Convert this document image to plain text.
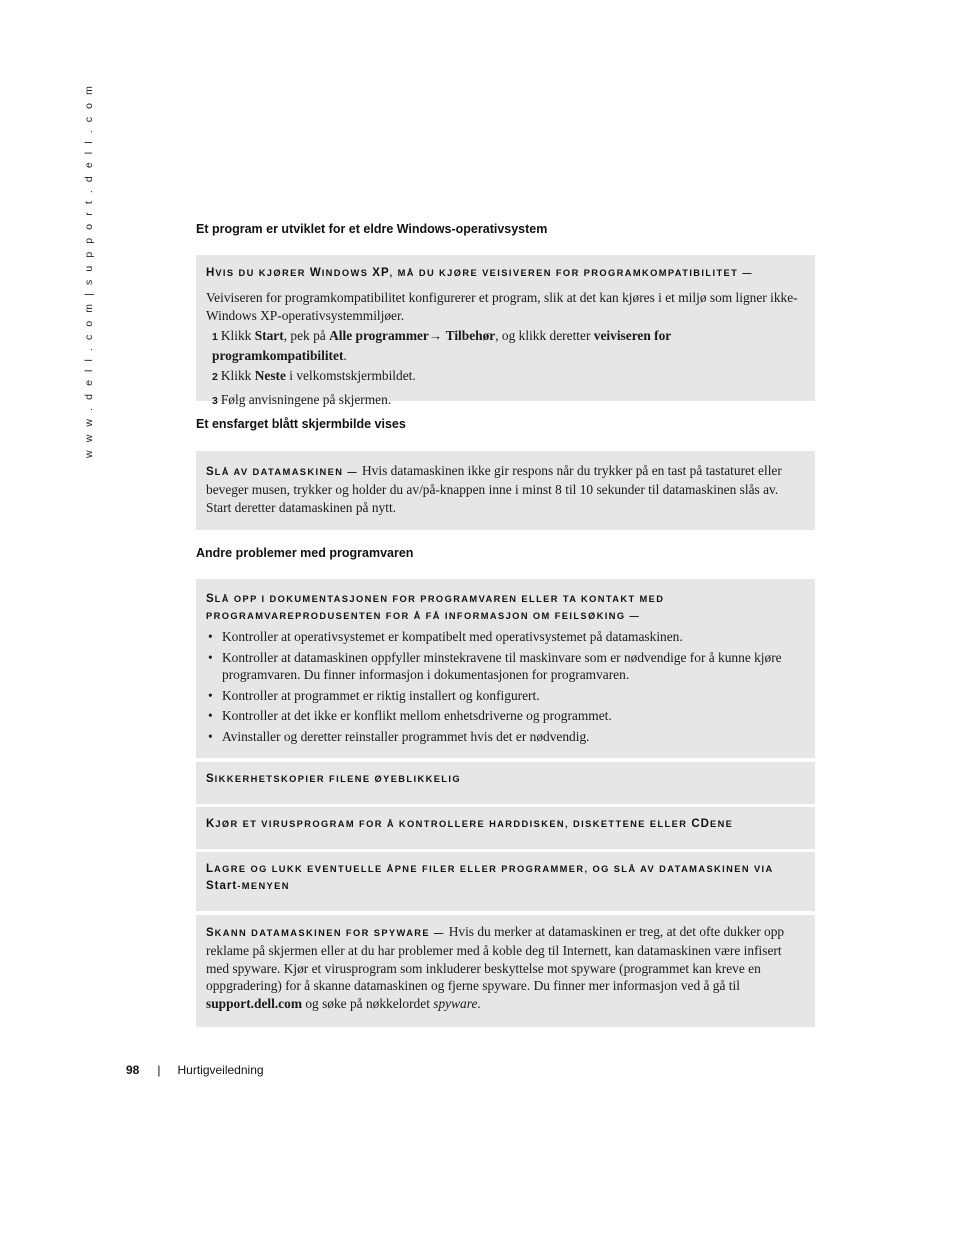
w w w . d e l l . c o m | s u p p o r t . d e l l . c o m	Et program er utviklet for et eldre Windows-operativsystem
HVIS DU KJØRER WINDOWS XP, MÅ DU KJØRE VEISIVEREN FOR PROGRAMKOMPATIBILITET —

Veiviseren for programkompatibilitet konfigurerer et program, slik at det kan kjøres i et miljø som ligner ikke-Windows XP-operativsystemmiljøer.

1 Klikk Start, pek på Alle programmer→ Tilbehør, og klikk deretter veiviseren for programkompatibilitet.

2 Klikk Neste i velkomstskjermbildet.

3 Følg anvisningene på skjermen.

Et ensfarget blått skjermbilde vises

SLÅ AV DATAMASKINEN — Hvis datamaskinen ikke gir respons når du trykker på en tast på tastaturet eller beveger musen, trykker og holder du av/på-knappen inne i minst 8 til 10 sekunder til datamaskinen slås av. Start deretter datamaskinen på nytt.

Andre problemer med programvaren
SLÅ OPP I DOKUMENTASJONEN FOR PROGRAMVAREN ELLER TA KONTAKT MED
PROGRAMVAREPRODUSENTEN FOR Å FÅ INFORMASJON OM FEILSØKING —
• Kontroller at operativsystemet er kompatibelt med operativsystemet på datamaskinen.
• Kontroller at datamaskinen oppfyller minstekravene til maskinvare som er nødvendige for å kunne kjøre programvaren. Du finner informasjon i dokumentasjonen for programvaren.
• Kontroller at programmet er riktig installert og konfigurert.
• Kontroller at det ikke er konflikt mellom enhetsdriverne og programmet.
• Avinstaller og deretter reinstaller programmet hvis det er nødvendig.
SIKKERHETSKOPIER FILENE ØYEBLIKKELIG
KJØR ET VIRUSPROGRAM FOR Å KONTROLLERE HARDDISKEN, DISKETTENE ELLER CDENE
LAGRE OG LUKK EVENTUELLE ÅPNE FILER ELLER PROGRAMMER, OG SLÅ AV DATAMASKINEN VIA
Start-MENYEN

SKANN DATAMASKINEN FOR SPYWARE — Hvis du merker at datamaskinen er treg, at det ofte dukker opp reklame på skjermen eller at du har problemer med å koble deg til Internett, kan datamaskinen være infisert med spyware. Kjør et virusprogram som inkluderer beskyttelse mot spyware (programmet kan kreve en oppgradering) for å skanne datamaskinen og fjerne spyware. Du finner mer informasjon ved å gå til support.dell.com og søke på nøkkelordet spyware.

98 | Hurtigveiledning
